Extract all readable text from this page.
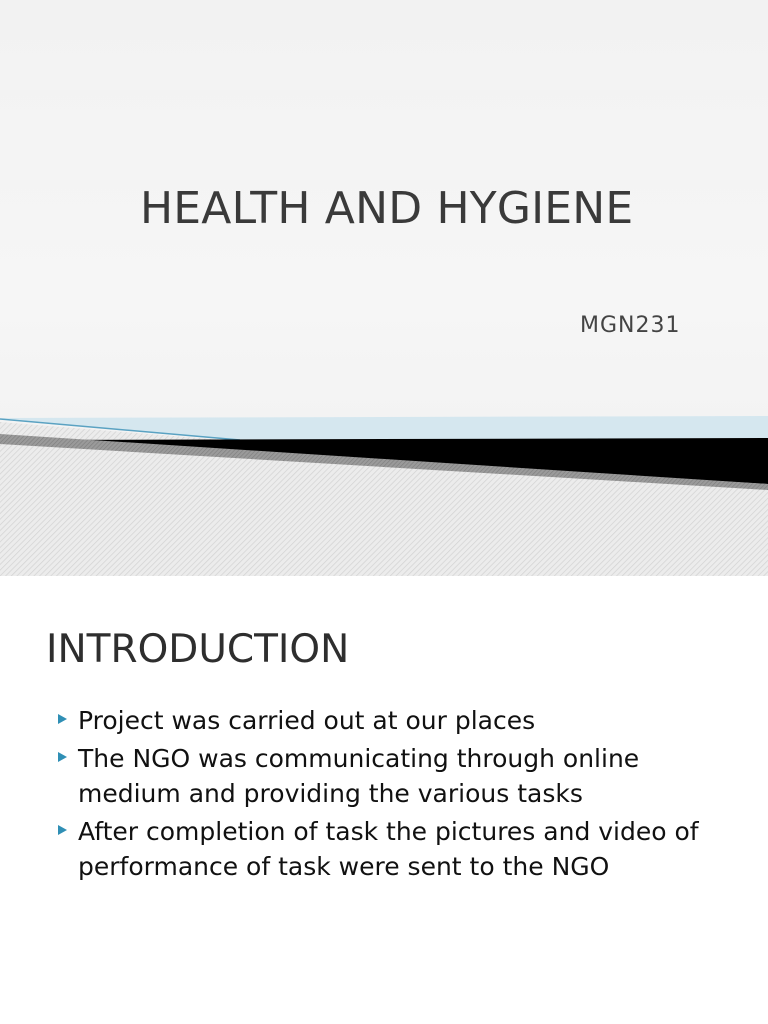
HEALTH AND HYGIENE
MGN231
INTRODUCTION
Project was carried out at our places
The NGO was communicating through online medium and providing the various tasks
After completion of task the pictures and video of performance of task were sent to the NGO
